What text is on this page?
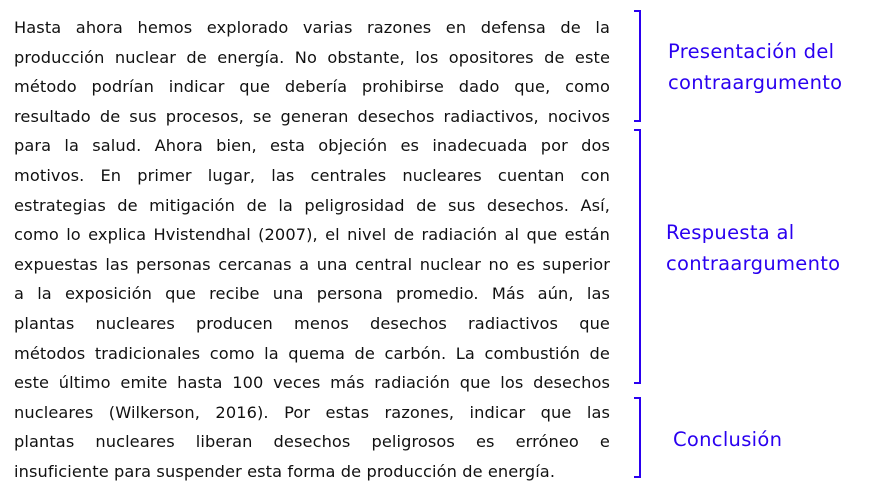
Hasta ahora hemos explorado varias razones en defensa de la
producción nuclear de energía. No obstante, los opositores de este
método podrían indicar que debería prohibirse dado que, como
resultado de sus procesos, se generan desechos radiactivos, nocivos
para la salud. Ahora bien, esta objeción es inadecuada por dos
motivos. En primer lugar, las centrales nucleares cuentan con
estrategias de mitigación de la peligrosidad de sus desechos. Así,
como lo explica Hvistendhal (2007), el nivel de radiación al que están
expuestas las personas cercanas a una central nuclear no es superior
a la exposición que recibe una persona promedio. Más aún, las
plantas nucleares producen menos desechos radiactivos que
métodos tradicionales como la quema de carbón. La combustión de
este último emite hasta 100 veces más radiación que los desechos
nucleares (Wilkerson, 2016). Por estas razones, indicar que las
plantas nucleares liberan desechos peligrosos es erróneo e
insuficiente para suspender esta forma de producción de energía.
Presentación del
contraargumento
Respuesta al
contraargumento
Conclusión
